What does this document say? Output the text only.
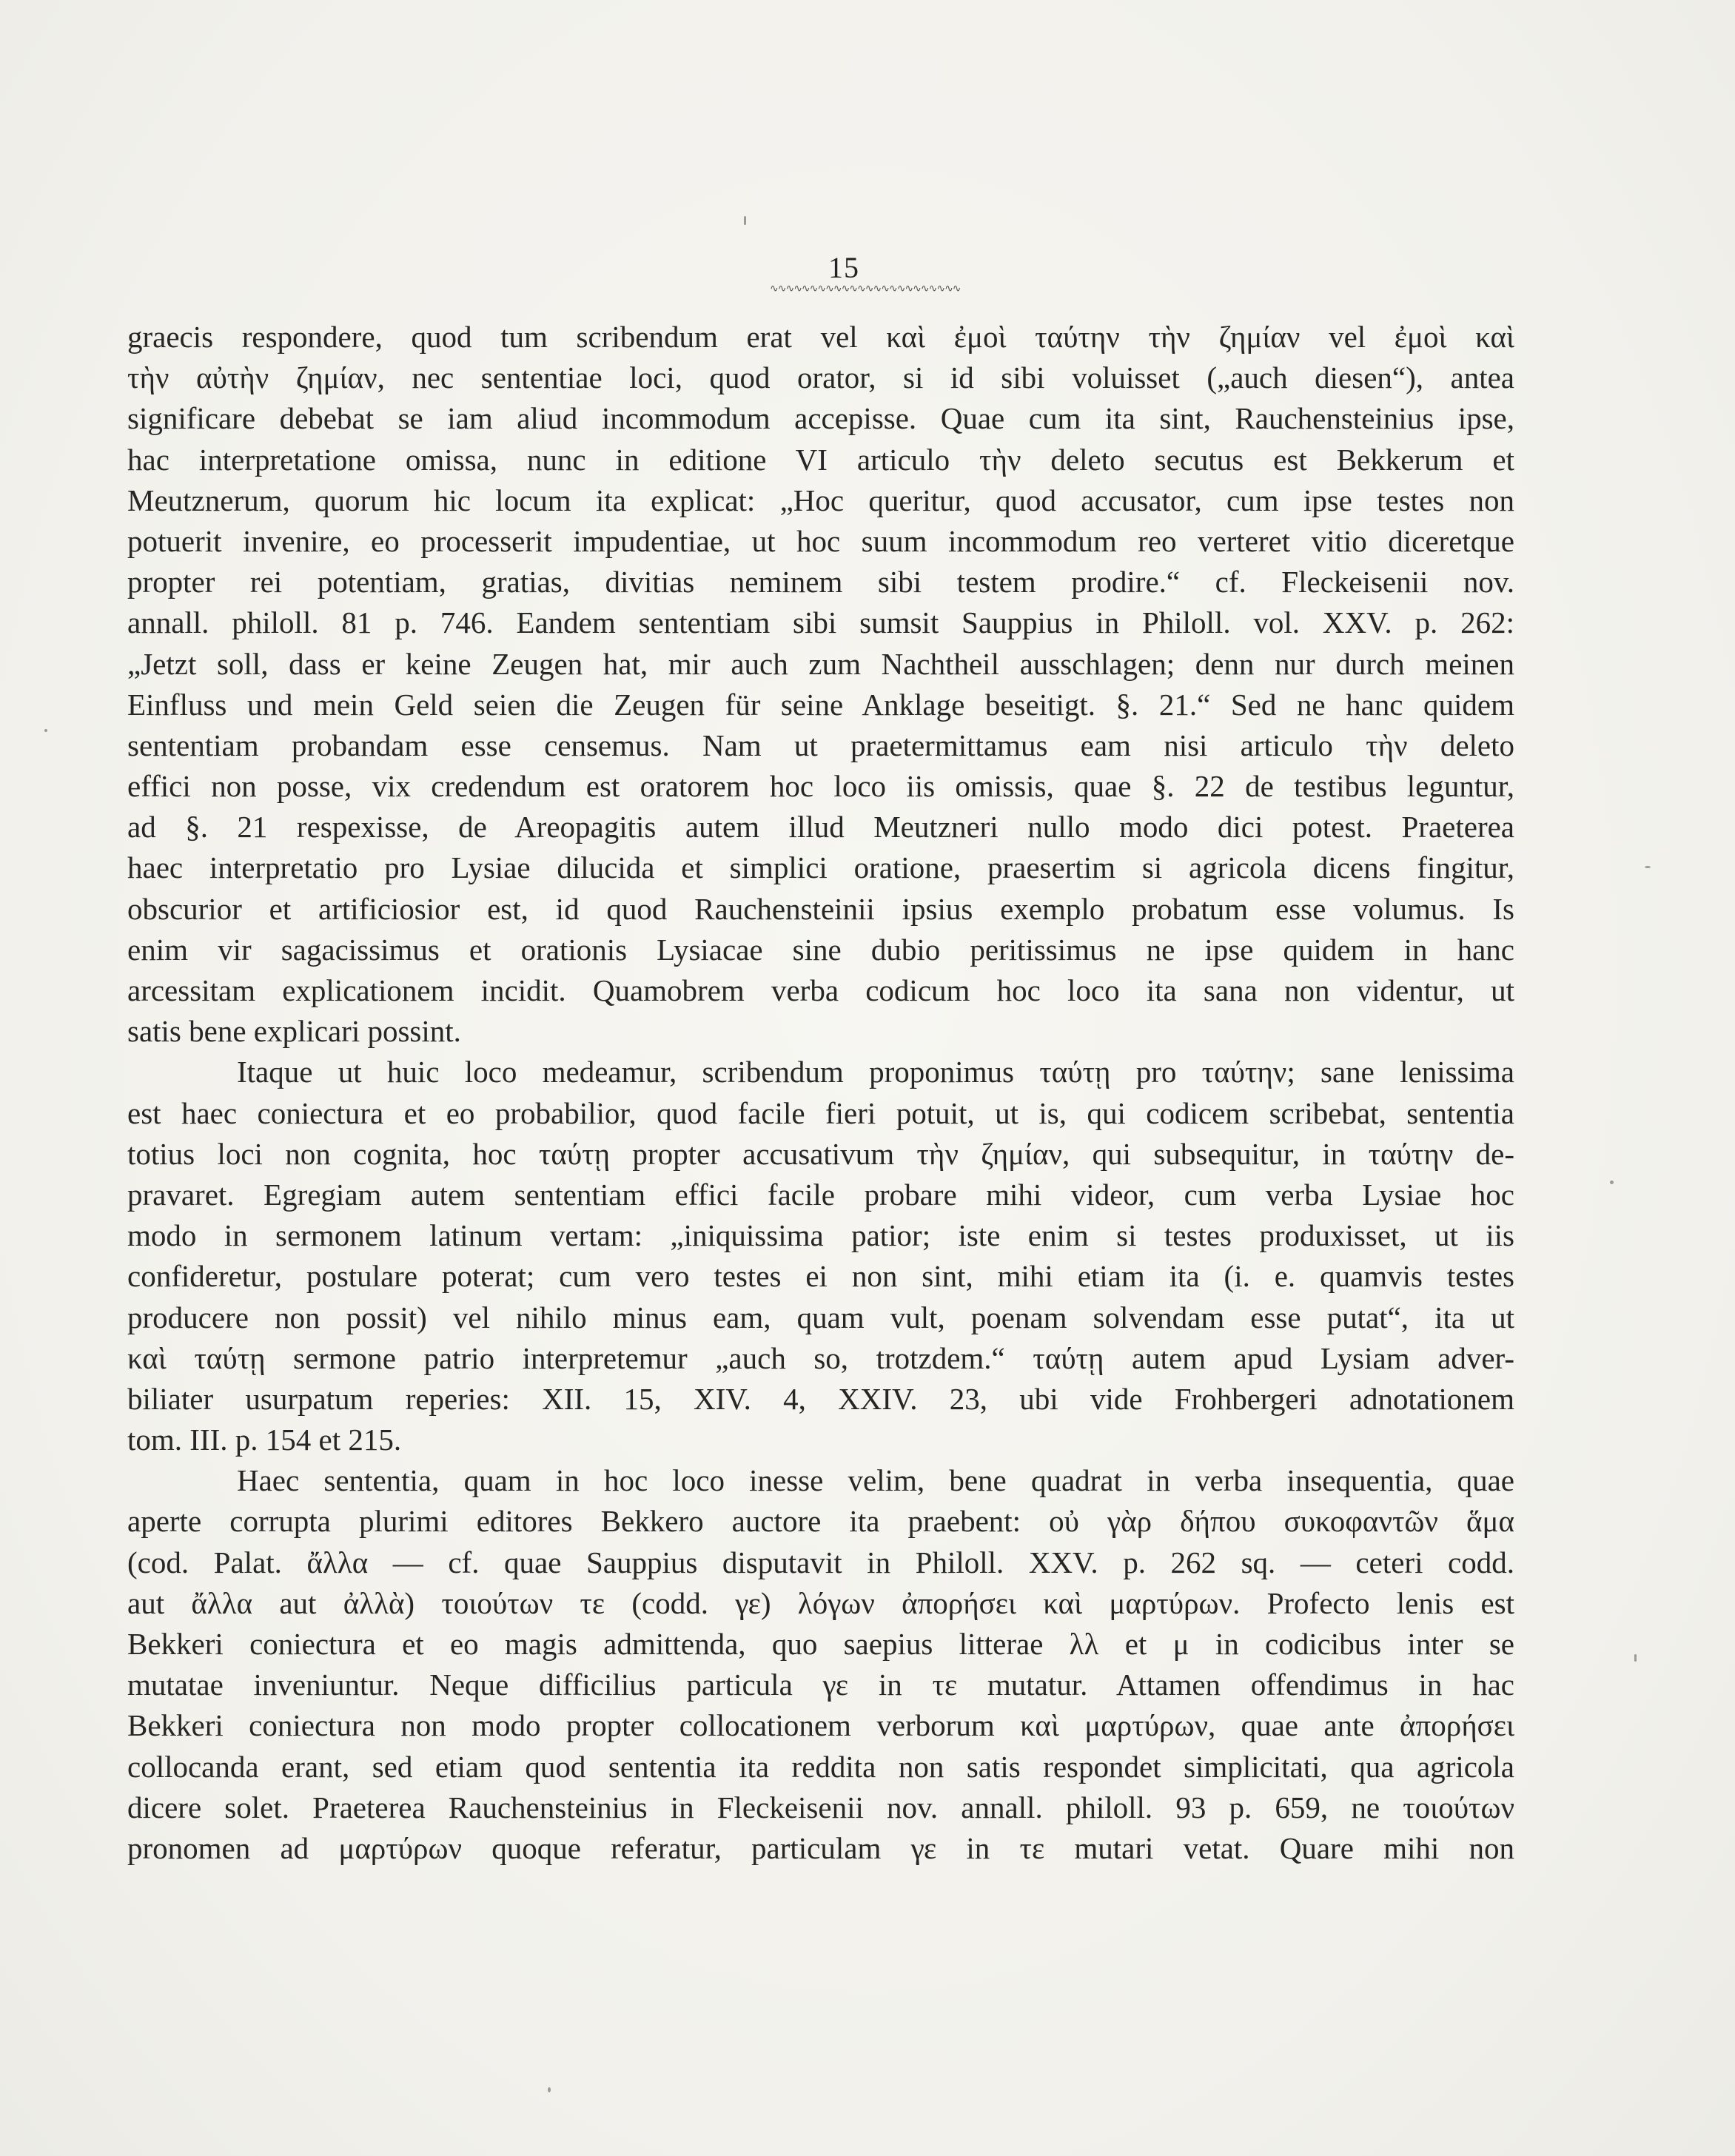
15
∿∿∿∿∿∿∿∿∿∿∿∿∿∿∿∿∿∿∿∿∿∿∿∿
graecis respondere, quod tum scribendum erat vel καὶ ἐμοὶ ταύτην τὴν ζημίαν vel ἐμοὶ καὶ
τὴν αὐτὴν ζημίαν, nec sententiae loci, quod orator, si id sibi voluisset („auch diesen“), antea
significare debebat se iam aliud incommodum accepisse. Quae cum ita sint, Rauchensteinius ipse,
hac interpretatione omissa, nunc in editione VI articulo τὴν deleto secutus est Bekkerum et
Meutznerum, quorum hic locum ita explicat: „Hoc queritur, quod accusator, cum ipse testes non
potuerit invenire, eo processerit impudentiae, ut hoc suum incommodum reo verteret vitio diceretque
propter rei potentiam, gratias, divitias neminem sibi testem prodire.“ cf. Fleckeisenii nov.
annall. philoll. 81 p. 746. Eandem sententiam sibi sumsit Sauppius in Philoll. vol. XXV. p. 262:
„Jetzt soll, dass er keine Zeugen hat, mir auch zum Nachtheil ausschlagen; denn nur durch meinen
Einfluss und mein Geld seien die Zeugen für seine Anklage beseitigt. §. 21.“ Sed ne hanc quidem
sententiam probandam esse censemus. Nam ut praetermittamus eam nisi articulo τὴν deleto
effici non posse, vix credendum est oratorem hoc loco iis omissis, quae §. 22 de testibus leguntur,
ad §. 21 respexisse, de Areopagitis autem illud Meutzneri nullo modo dici potest. Praeterea
haec interpretatio pro Lysiae dilucida et simplici oratione, praesertim si agricola dicens fingitur,
obscurior et artificiosior est, id quod Rauchensteinii ipsius exemplo probatum esse volumus. Is
enim vir sagacissimus et orationis Lysiacae sine dubio peritissimus ne ipse quidem in hanc
arcessitam explicationem incidit. Quamobrem verba codicum hoc loco ita sana non videntur, ut
satis bene explicari possint.
Itaque ut huic loco medeamur, scribendum proponimus ταύτῃ pro ταύτην; sane lenissima
est haec coniectura et eo probabilior, quod facile fieri potuit, ut is, qui codicem scribebat, sententia
totius loci non cognita, hoc ταύτῃ propter accusativum τὴν ζημίαν, qui subsequitur, in ταύτην de-
pravaret. Egregiam autem sententiam effici facile probare mihi videor, cum verba Lysiae hoc
modo in sermonem latinum vertam: „iniquissima patior; iste enim si testes produxisset, ut iis
confideretur, postulare poterat; cum vero testes ei non sint, mihi etiam ita (i. e. quamvis testes
producere non possit) vel nihilo minus eam, quam vult, poenam solvendam esse putat“, ita ut
καὶ ταύτῃ sermone patrio interpretemur „auch so, trotzdem.“ ταύτῃ autem apud Lysiam adver-
biliater usurpatum reperies: XII. 15, XIV. 4, XXIV. 23, ubi vide Frohbergeri adnotationem
tom. III. p. 154 et 215.
Haec sententia, quam in hoc loco inesse velim, bene quadrat in verba insequentia, quae
aperte corrupta plurimi editores Bekkero auctore ita praebent: οὐ γὰρ δήπου συκοφαντῶν ἅμα
(cod. Palat. ἄλλα — cf. quae Sauppius disputavit in Philoll. XXV. p. 262 sq. — ceteri codd.
aut ἄλλα aut ἀλλὰ) τοιούτων τε (codd. γε) λόγων ἀπορήσει καὶ μαρτύρων. Profecto lenis est
Bekkeri coniectura et eo magis admittenda, quo saepius litterae λλ et μ in codicibus inter se
mutatae inveniuntur. Neque difficilius particula γε in τε mutatur. Attamen offendimus in hac
Bekkeri coniectura non modo propter collocationem verborum καὶ μαρτύρων, quae ante ἀπορήσει
collocanda erant, sed etiam quod sententia ita reddita non satis respondet simplicitati, qua agricola
dicere solet. Praeterea Rauchensteinius in Fleckeisenii nov. annall. philoll. 93 p. 659, ne τοιούτων
pronomen ad μαρτύρων quoque referatur, particulam γε in τε mutari vetat. Quare mihi non
